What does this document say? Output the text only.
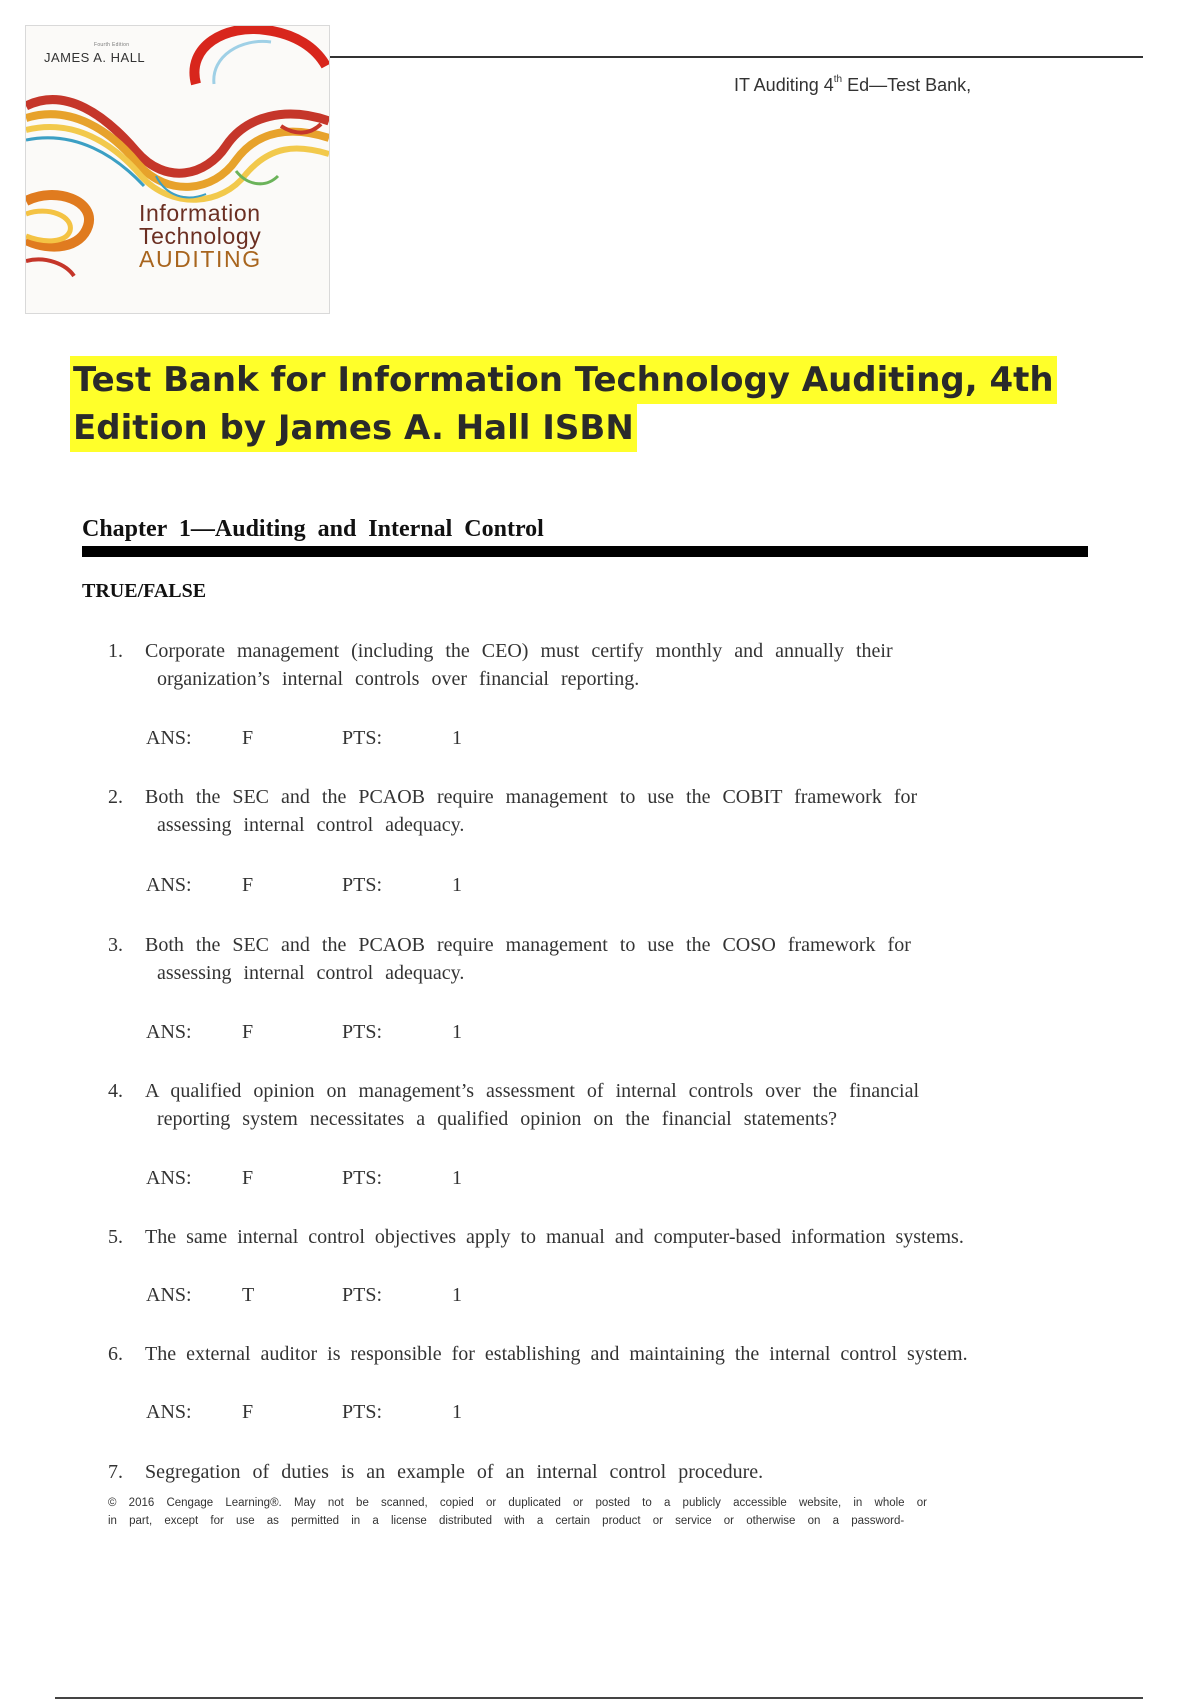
Fourth Edition
JAMES A. HALL
Information
Technology
AUDITING
IT Auditing 4th Ed—Test Bank,
Test Bank for Information Technology Auditing, 4th
Edition by James A. Hall ISBN
Chapter 1—Auditing and Internal Control
TRUE/FALSE
1. Corporate management (including the CEO) must certify monthly and annually their
organization’s internal controls over financial reporting.
ANS:	F	PTS:	1
2. Both the SEC and the PCAOB require management to use the COBIT framework for
assessing internal control adequacy.
ANS:	F	PTS:	1
3. Both the SEC and the PCAOB require management to use the COSO framework for
assessing internal control adequacy.
ANS:	F	PTS:	1
4. A qualified opinion on management’s assessment of internal controls over the financial
reporting system necessitates a qualified opinion on the financial statements?
ANS:	F	PTS:	1
5. The same internal control objectives apply to manual and computer-based information systems.
ANS:	T	PTS:	1
6. The external auditor is responsible for establishing and maintaining the internal control system.
ANS:	F	PTS:	1
7. Segregation of duties is an example of an internal control procedure.
© 2016 Cengage Learning®. May not be scanned, copied or duplicated or posted to a publicly accessible website, in whole or
in part, except for use as permitted in a license distributed with a certain product or service or otherwise on a password-
